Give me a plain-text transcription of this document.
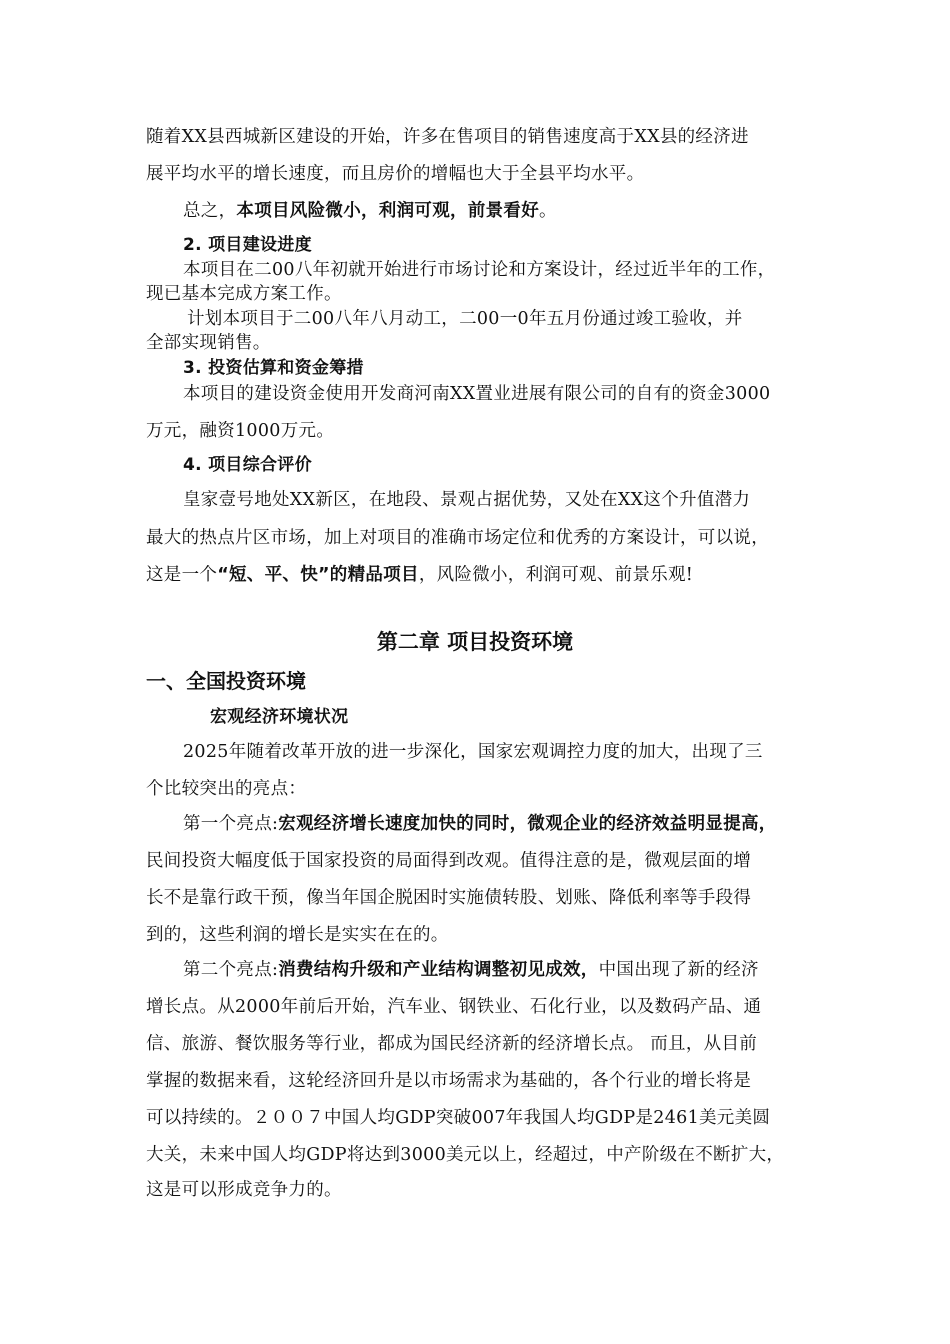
随着XX县西城新区建设的开始，许多在售项目的销售速度高于XX县的经济进
展平均水平的增长速度，而且房价的增幅也大于全县平均水平。
总之，本项目风险微小，利润可观，前景看好。
2. 项目建设进度
本项目在二00八年初就开始进行市场讨论和方案设计，经过近半年的工作，
现已基本完成方案工作。
计划本项目于二00八年八月动工，二00一0年五月份通过竣工验收，并
全部实现销售。
3. 投资估算和资金筹措
本项目的建设资金使用开发商河南XX置业进展有限公司的自有的资金3000
万元，融资1000万元。
4. 项目综合评价
皇家壹号地处XX新区，在地段、景观占据优势，又处在XX这个升值潜力
最大的热点片区市场，加上对项目的准确市场定位和优秀的方案设计，可以说，
这是一个“短、平、快”的精品项目，风险微小，利润可观、前景乐观!
第二章 项目投资环境
一、全国投资环境
宏观经济环境状况
2025年随着改革开放的进一步深化，国家宏观调控力度的加大，出现了三
个比较突出的亮点：
第一个亮点:宏观经济增长速度加快的同时，微观企业的经济效益明显提高，
民间投资大幅度低于国家投资的局面得到改观。值得注意的是，微观层面的增
长不是靠行政干预，像当年国企脱困时实施债转股、划账、降低利率等手段得
到的，这些利润的增长是实实在在的。
第二个亮点:消费结构升级和产业结构调整初见成效，中国出现了新的经济
增长点。从2000年前后开始，汽车业、钢铁业、石化行业，以及数码产品、通
信、旅游、餐饮服务等行业，都成为国民经济新的经济增长点。 而且，从目前
掌握的数据来看，这轮经济回升是以市场需求为基础的，各个行业的增长将是
可以持续的。２００７中国人均GDP突破007年我国人均GDP是2461美元美圆
大关，未来中国人均GDP将达到3000美元以上，经超过，中产阶级在不断扩大，
这是可以形成竞争力的。
